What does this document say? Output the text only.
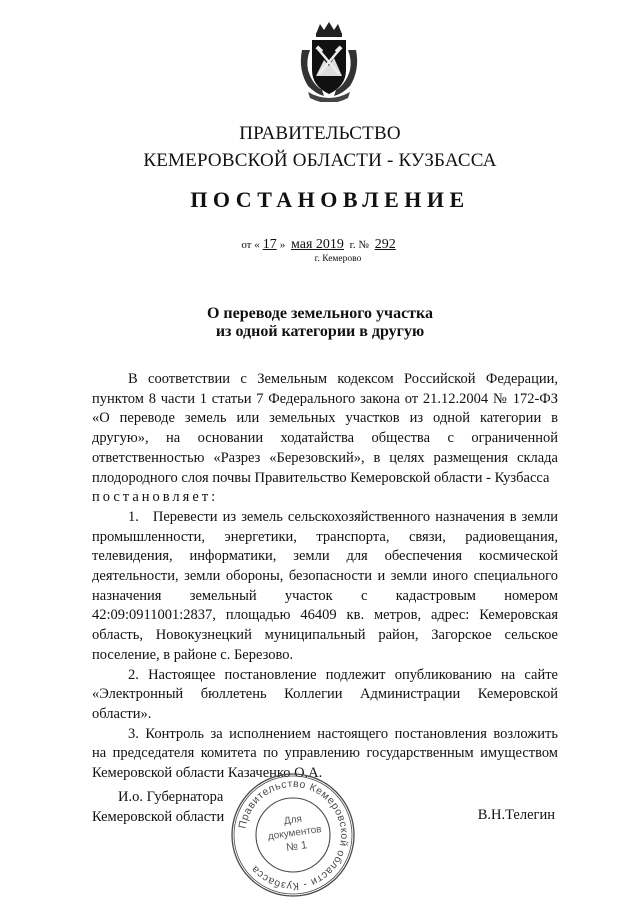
ПРАВИТЕЛЬСТВО
КЕМЕРОВСКОЙ ОБЛАСТИ - КУЗБАССА
ПОСТАНОВЛЕНИЕ
от « 17 » мая 2019 г. № 292
г. Кемерово
О переводе земельного участка
из одной категории в другую

В соответствии с Земельным кодексом Российской Федерации, пунктом 8 части 1 статьи 7 Федерального закона от 21.12.2004 № 172-ФЗ «О переводе земель или земельных участков из одной категории в другую», на основании ходатайства общества с ограниченной ответственностью «Разрез «Березовский», в целях размещения склада плодородного слоя почвы Правительство Кемеровской области - Кузбасса

постановляет:

1. Перевести из земель сельскохозяйственного назначения в земли промышленности, энергетики, транспорта, связи, радиовещания, телевидения, информатики, земли для обеспечения космической деятельности, земли обороны, безопасности и земли иного специального назначения земельный участок с кадастровым номером 42:09:0911001:2837, площадью 46409 кв. метров, адрес: Кемеровская область, Новокузнецкий муниципальный район, Загорское сельское поселение, в районе с. Березово.

2. Настоящее постановление подлежит опубликованию на сайте «Электронный бюллетень Коллегии Администрации Кемеровской области».

3. Контроль за исполнением настоящего постановления возложить на председателя комитета по управлению государственным имуществом Кемеровской области Казаченко О.А.

И.о. Губернатора
Кемеровской области Правительство Кемеровской области - Кузбасса
Для
документов
№ 1
В.Н.Телегин
